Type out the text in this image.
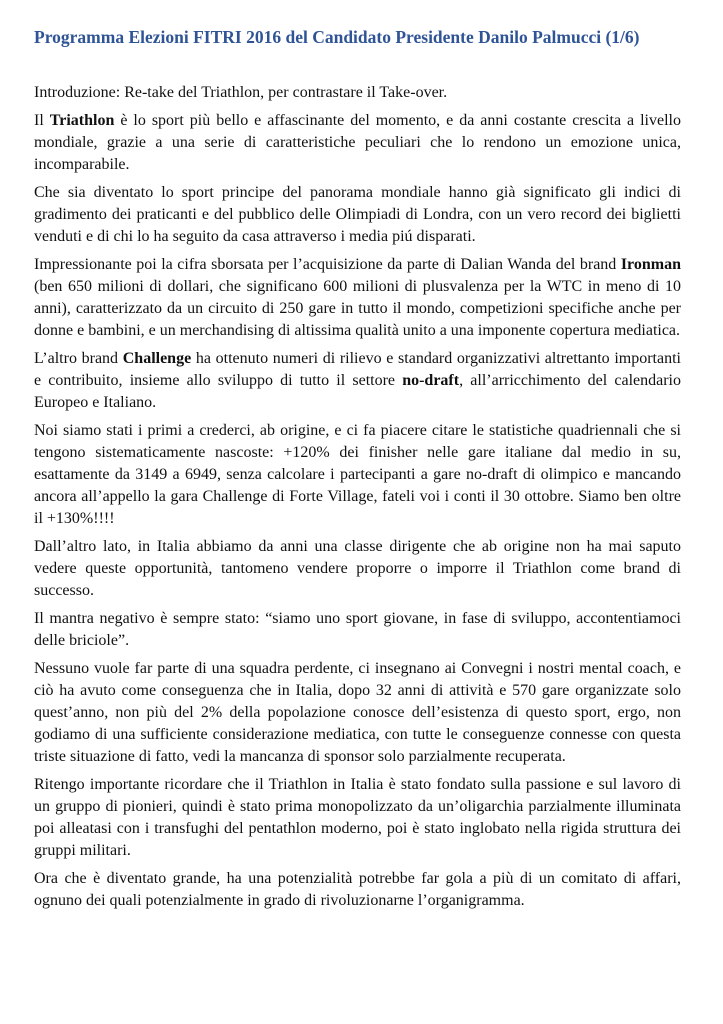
Programma Elezioni FITRI 2016 del Candidato Presidente Danilo Palmucci (1/6)

Introduzione: Re-take del Triathlon, per contrastare il Take-over.

Il Triathlon è lo sport più bello e affascinante del momento, e da anni costante crescita a livello mondiale, grazie a una serie di caratteristiche peculiari che lo rendono un emozione unica, incomparabile.

Che sia diventato lo sport principe del panorama mondiale hanno già significato gli indici di gradimento dei praticanti e del pubblico delle Olimpiadi di Londra, con un vero record dei biglietti venduti e di chi lo ha seguito da casa attraverso i media piú disparati.

Impressionante poi la cifra sborsata per l’acquisizione da parte di Dalian Wanda del brand Ironman (ben 650 milioni di dollari, che significano 600 milioni di plusvalenza per la WTC in meno di 10 anni), caratterizzato da un circuito di 250 gare in tutto il mondo, competizioni specifiche anche per donne e bambini, e un merchandising di altissima qualità unito a una imponente copertura mediatica.

L’altro brand Challenge ha ottenuto numeri di rilievo e standard organizzativi altrettanto importanti e contribuito, insieme allo sviluppo di tutto il settore no-draft, all’arricchimento del calendario Europeo e Italiano.

Noi siamo stati i primi a crederci, ab origine, e ci fa piacere citare le statistiche quadriennali che si tengono sistematicamente nascoste: +120% dei finisher nelle gare italiane dal medio in su, esattamente da 3149 a 6949, senza calcolare i partecipanti a gare no-draft di olimpico e mancando ancora all’appello la gara Challenge di Forte Village, fateli voi i conti il 30 ottobre. Siamo ben oltre il +130%!!!!

Dall’altro lato, in Italia abbiamo da anni una classe dirigente che ab origine non ha mai saputo vedere queste opportunità, tantomeno vendere proporre o imporre il Triathlon come brand di successo.

Il mantra negativo è sempre stato: “siamo uno sport giovane, in fase di sviluppo, accontentiamoci delle briciole”.

Nessuno vuole far parte di una squadra perdente, ci insegnano ai Convegni i nostri mental coach, e ciò ha avuto come conseguenza che in Italia, dopo 32 anni di attività e 570 gare organizzate solo quest’anno, non più del 2% della popolazione conosce dell’esistenza di questo sport, ergo, non godiamo di una sufficiente considerazione mediatica, con tutte le conseguenze connesse con questa triste situazione di fatto, vedi la mancanza di sponsor solo parzialmente recuperata.

Ritengo importante ricordare che il Triathlon in Italia è stato fondato sulla passione e sul lavoro di un gruppo di pionieri, quindi è stato prima monopolizzato da un’oligarchia parzialmente illuminata poi alleatasi con i transfughi del pentathlon moderno, poi è stato inglobato nella rigida struttura dei gruppi militari.

Ora che è diventato grande, ha una potenzialità potrebbe far gola a più di un comitato di affari, ognuno dei quali potenzialmente in grado di rivoluzionarne l’organigramma.
